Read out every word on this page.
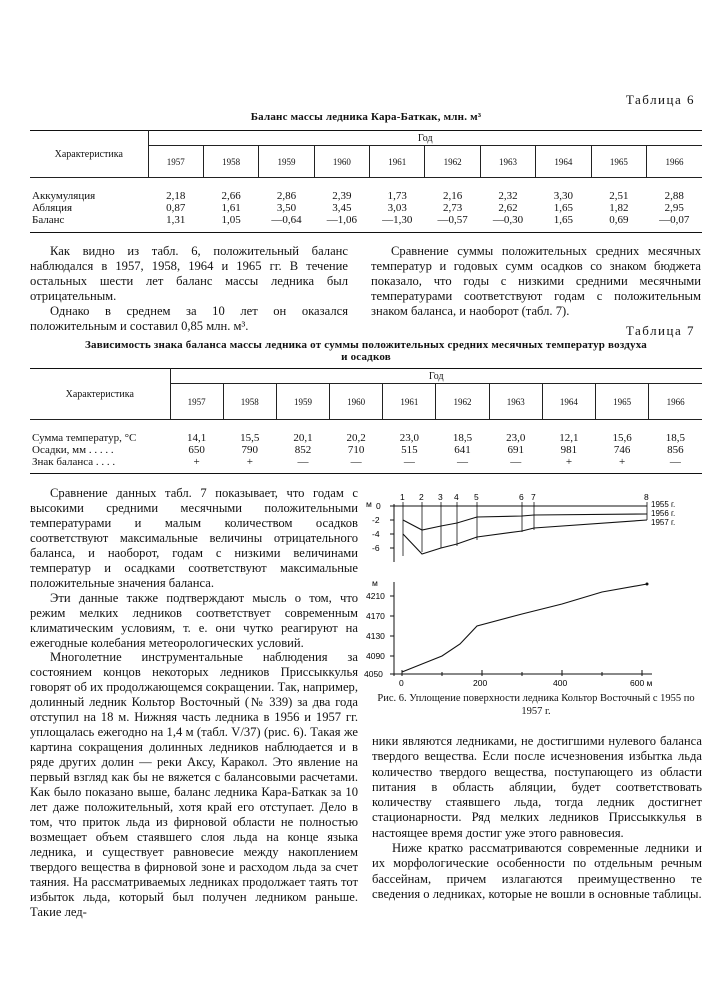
Таблица 6
Баланс массы ледника Кара-Баткак, млн. м³
Характеристика	Год									
	1957	1958	1959	1960	1961	1962	1963	1964	1965	1966

Аккумуляция	2,18	2,66	2,86	2,39	1,73	2,16	2,32	3,30	2,51	2,88
Абляция	0,87	1,61	3,50	3,45	3,03	2,73	2,62	1,65	1,82	2,95
Баланс	1,31	1,05	—0,64	—1,06	—1,30	—0,57	—0,30	1,65	0,69	—0,07

Как видно из табл. 6, положительный баланс наблюдался в 1957, 1958, 1964 и 1965 гг. В течение остальных шести лет баланс массы ледника был отрицательным.

Однако в среднем за 10 лет он оказался положительным и составил 0,85 млн. м³.

Сравнение суммы положительных средних месячных температур и годовых сумм осадков со знаком бюджета показало, что годы с низкими средними месячными температурами соответствуют годам с положительным знаком баланса, и наоборот (табл. 7).

Таблица 7
Зависимость знака баланса массы ледника от суммы положительных средних месячных температур воздуха
и осадков
Характеристика	Год									
	1957	1958	1959	1960	1961	1962	1963	1964	1965	1966

Сумма температур, °С	14,1	15,5	20,1	20,2	23,0	18,5	23,0	12,1	15,6	18,5
Осадки, мм . . . . .	650	790	852	710	515	641	691	981	746	856
Знак баланса . . . .	+	+	—	—	—	—	—	+	+	—

Сравнение данных табл. 7 показывает, что годам с высокими средними месячными положительными температурами и малым количеством осадков соответствуют максимальные величины отрицательного баланса, и наоборот, годам с низкими величинами температур и осадками соответствуют максимальные положительные значения баланса.

Эти данные также подтверждают мысль о том, что режим мелких ледников соответствует современным климатическим условиям, т. е. они чутко реагируют на ежегодные колебания метеорологических условий.

Многолетние инструментальные наблюдения за состоянием концов некоторых ледников Приссыккулья говорят об их продолжающемся сокращении. Так, например, долинный ледник Кольтор Восточный (№ 339) за два года отступил на 18 м. Нижняя часть ледника в 1956 и 1957 гг. уплощалась ежегодно на 1,4 м (табл. V/37) (рис. 6). Такая же картина сокращения долинных ледников наблюдается и в ряде других долин — реки Аксу, Каракол. Это явление на первый взгляд как бы не вяжется с балансовыми расчетами. Как было показано выше, баланс ледника Кара-Баткак за 10 лет даже положительный, хотя край его отступает. Дело в том, что приток льда из фирновой области не полностью возмещает объем стаявшего слоя льда на конце языка ледника, и существует равновесие между накоплением твердого вещества в фирновой зоне и расходом льда за счет таяния. На рассматриваемых ледниках продолжает таять тот избыток льда, который был получен ледником раньше. Такие лед-

м 0
-2
-4
-6
1 2 3 4 5	6 7	8
1955 г.
1956 г.
1957 г.
м
4210
4170
4130
4090
4050
0	200	400	600 м
Рис. 6. Уплощение поверхности ледника Кольтор Восточный с 1955 по 1957 г.

ники являются ледниками, не достигшими нулевого баланса твердого вещества. Если после исчезновения избытка льда количество твердого вещества, поступающего из области питания в область абляции, будет соответствовать количеству стаявшего льда, тогда ледник достигнет стационарности. Ряд мелких ледников Приссыккулья в настоящее время достиг уже этого равновесия.

Ниже кратко рассматриваются современные ледники и их морфологические особенности по отдельным речным бассейнам, причем излагаются преимущественно те сведения о ледниках, которые не вошли в основные таблицы.
